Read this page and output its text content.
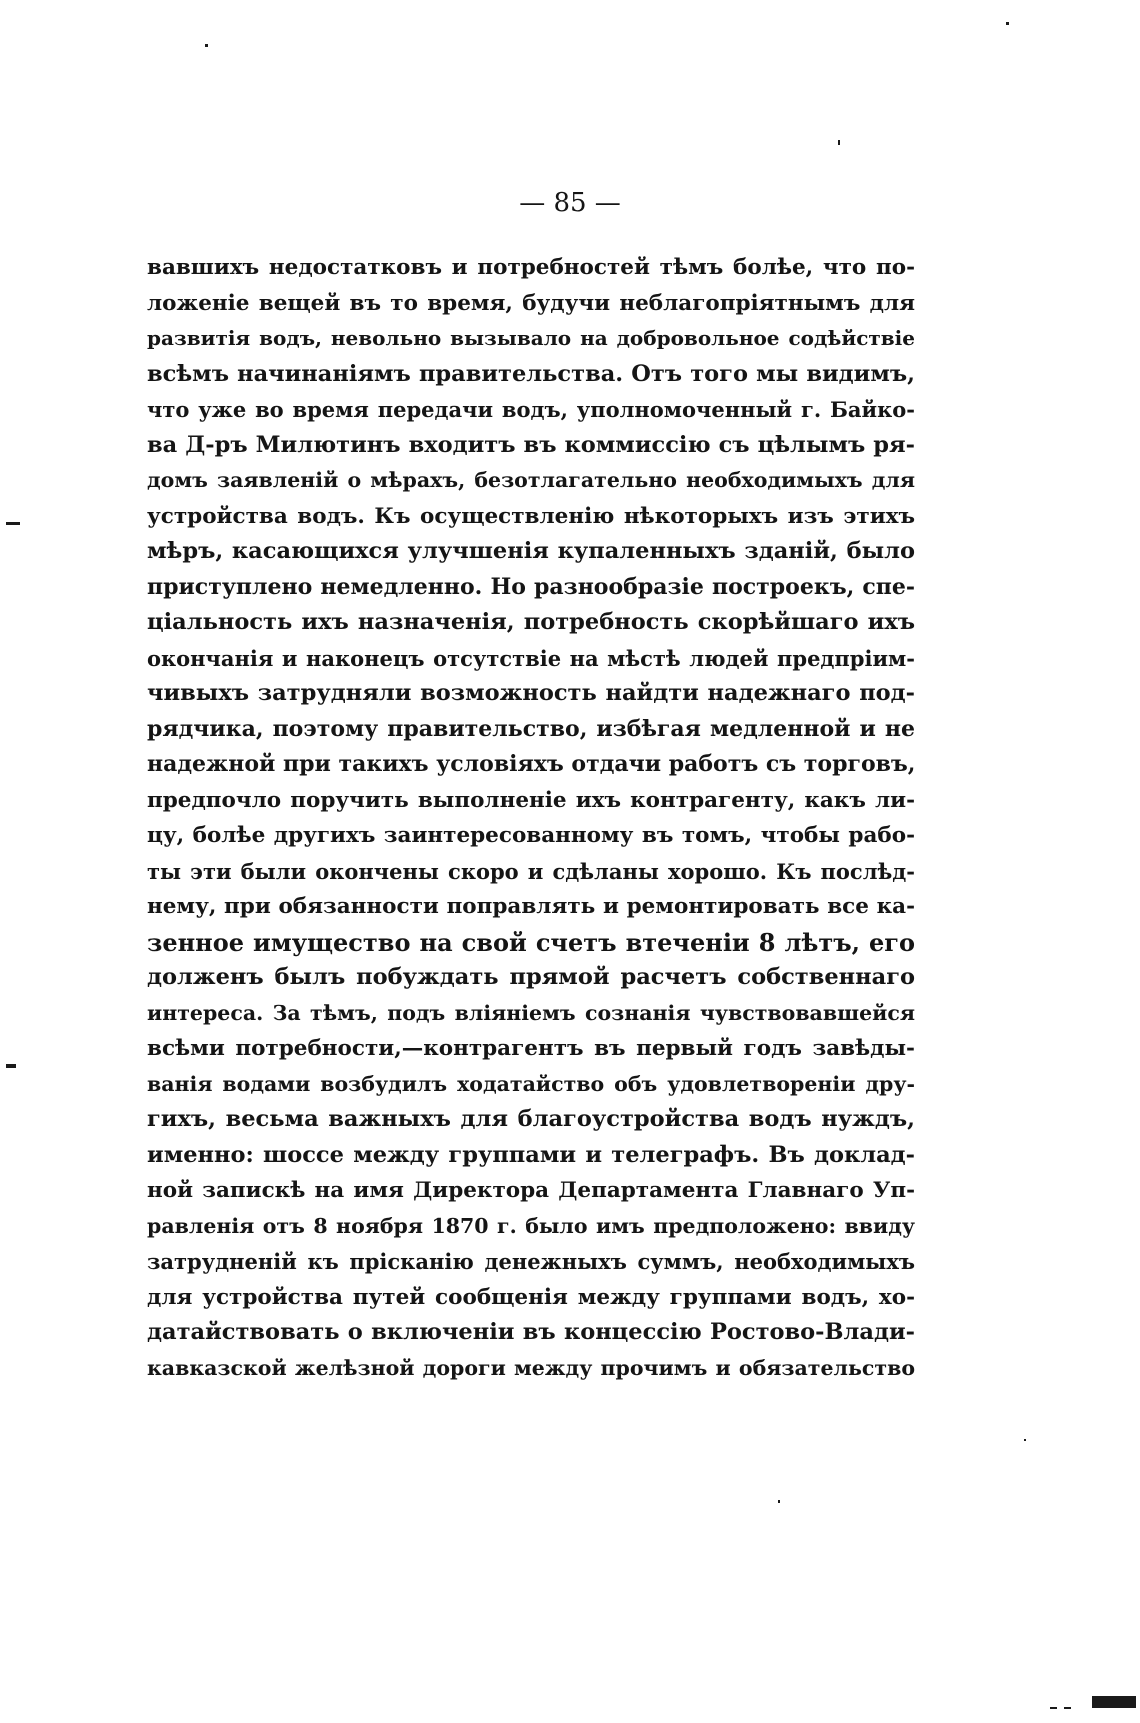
— 85 —
вавшихъ недостатковъ и потребностей тѣмъ болѣе, что по-
ложеніе вещей въ то время, будучи неблагопріятнымъ для
развитія водъ, невольно вызывало на добровольное содѣйствіе
всѣмъ начинаніямъ правительства. Отъ того мы видимъ,
что уже во время передачи водъ, уполномоченный г. Байко-
ва Д-ръ Милютинъ входитъ въ коммиссію съ цѣлымъ ря-
домъ заявленій о мѣрахъ, безотлагательно необходимыхъ для
устройства водъ. Къ осуществленію нѣкоторыхъ изъ этихъ
мѣръ, касающихся улучшенія купаленныхъ зданій, было
приступлено немедленно. Но разнообразіе построекъ, спе-
ціальность ихъ назначенія, потребность скорѣйшаго ихъ
окончанія и наконецъ отсутствіе на мѣстѣ людей предпріим-
чивыхъ затрудняли возможность найдти надежнаго под-
рядчика, поэтому правительство, избѣгая медленной и не
надежной при такихъ условіяхъ отдачи работъ съ торговъ,
предпочло поручить выполненіе ихъ контрагенту, какъ ли-
цу, болѣе другихъ заинтересованному въ томъ, чтобы рабо-
ты эти были окончены скоро и сдѣланы хорошо. Къ послѣд-
нему, при обязанности поправлять и ремонтировать все ка-
зенное имущество на свой счетъ втеченіи 8 лѣтъ, его
долженъ былъ побуждать прямой расчетъ собственнаго
интереса. За тѣмъ, подъ вліяніемъ сознанія чувствовавшейся
всѣми потребности,—контрагентъ въ первый годъ завѣды-
ванія водами возбудилъ ходатайство объ удовлетвореніи дру-
гихъ, весьма важныхъ для благоустройства водъ нуждъ,
именно: шоссе между группами и телеграфъ. Въ доклад-
ной запискѣ на имя Директора Департамента Главнаго Уп-
равленія отъ 8 ноября 1870 г. было имъ предположено: ввиду
затрудненій къ прісканію денежныхъ суммъ, необходимыхъ
для устройства путей сообщенія между группами водъ, хо-
датайствовать о включеніи въ концессію Ростово-Влади-
кавказской желѣзной дороги между прочимъ и обязательство
